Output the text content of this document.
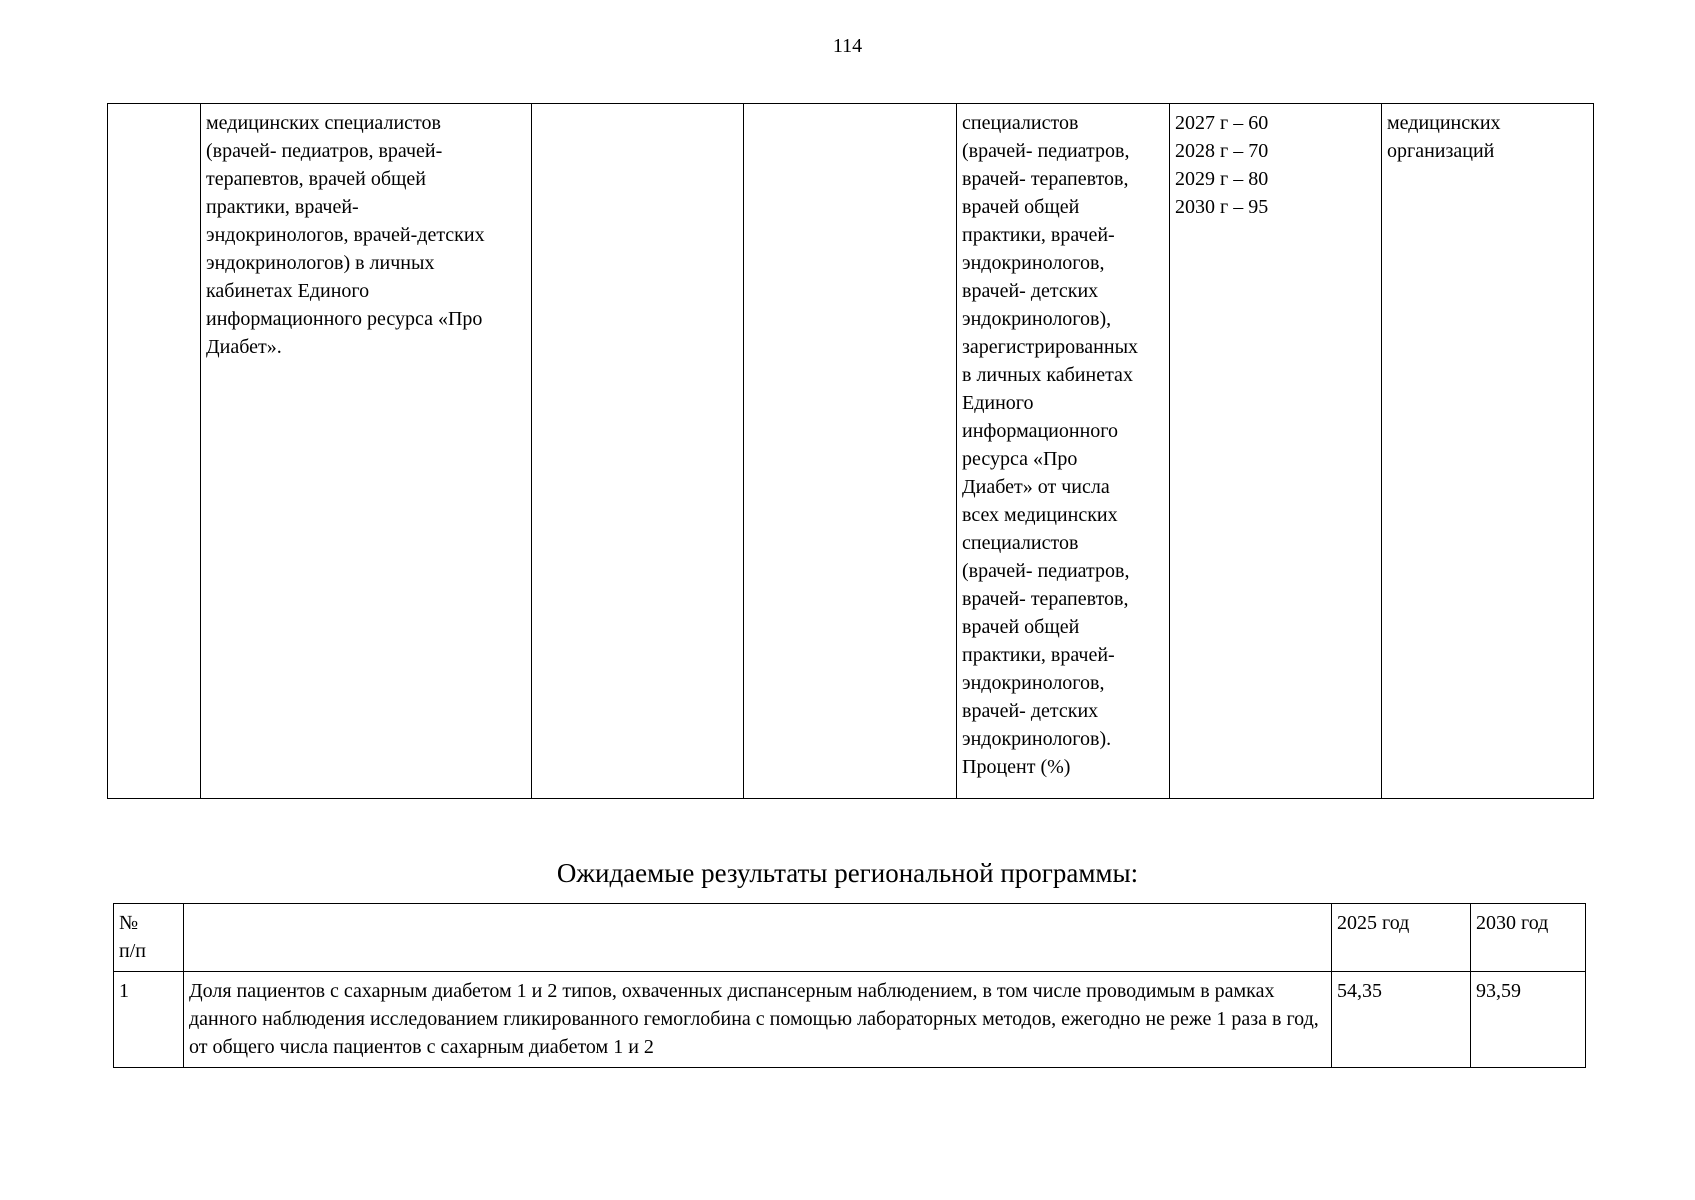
114
	медицинских специалистов
(врачей- педиатров, врачей-
терапевтов, врачей общей
практики, врачей-
эндокринологов, врачей-детских
эндокринологов) в личных
кабинетах Единого
информационного ресурса «Про
Диабет».			специалистов
(врачей- педиатров,
врачей- терапевтов,
врачей общей
практики, врачей-
эндокринологов,
врачей- детских
эндокринологов),
зарегистрированных
в личных кабинетах
Единого
информационного
ресурса «Про
Диабет» от числа
всех медицинских
специалистов
(врачей- педиатров,
врачей- терапевтов,
врачей общей
практики, врачей-
эндокринологов,
врачей- детских
эндокринологов).
Процент (%)	2027 г – 60
2028 г – 70
2029 г – 80
2030 г – 95	медицинских
организаций
Ожидаемые результаты региональной программы:
№
п/п		2025 год	2030 год
1	Доля пациентов с сахарным диабетом 1 и 2 типов, охваченных диспансерным наблюдением, в том числе проводимым в рамках данного наблюдения исследованием гликированного гемоглобина с помощью лабораторных методов, ежегодно не реже 1 раза в год, от общего числа пациентов с сахарным диабетом 1 и 2	54,35	93,59
